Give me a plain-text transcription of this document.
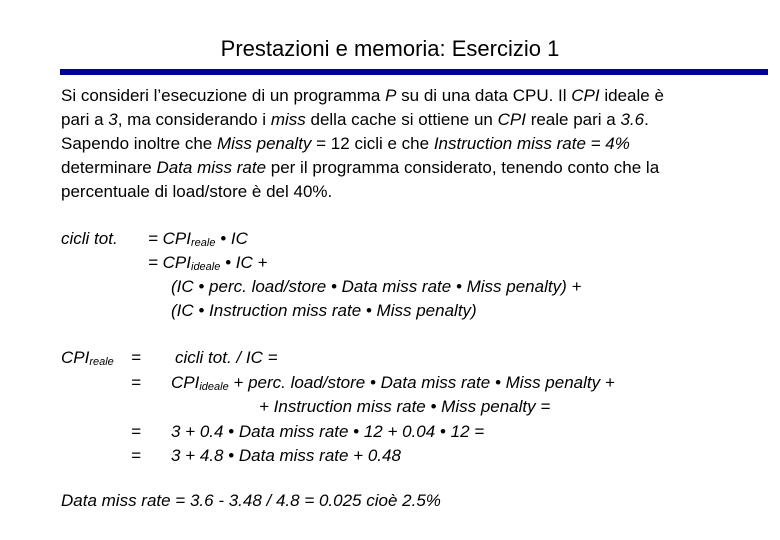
Prestazioni e memoria: Esercizio 1
Si consideri l’esecuzione di un programma P su di una data CPU. Il CPI ideale è
pari a 3, ma considerando i miss della cache si ottiene un CPI reale pari a 3.6.
Sapendo inoltre che Miss penalty = 12 cicli e che Instruction miss rate = 4%
determinare Data miss rate per il programma considerato, tenendo conto che la
percentuale di load/store è del 40%.
cicli tot. = $CPI_{reale}$ • IC
= $CPI_{ideale}$ • IC +
(IC • perc. load/store • Data miss rate • Miss penalty) +
(IC • Instruction miss rate • Miss penalty)
$CPI_{reale}$ =
=
=
=
cicli tot. / IC =
$CPI_{ideale}$ + perc. load/store • Data miss rate • Miss penalty +
+ Instruction miss rate • Miss penalty =
3 + 0.4 • Data miss rate • 12 + 0.04 • 12 =
3 + 4.8 • Data miss rate + 0.48
Data miss rate = 3.6 - 3.48 / 4.8 = 0.025 cioè 2.5%
